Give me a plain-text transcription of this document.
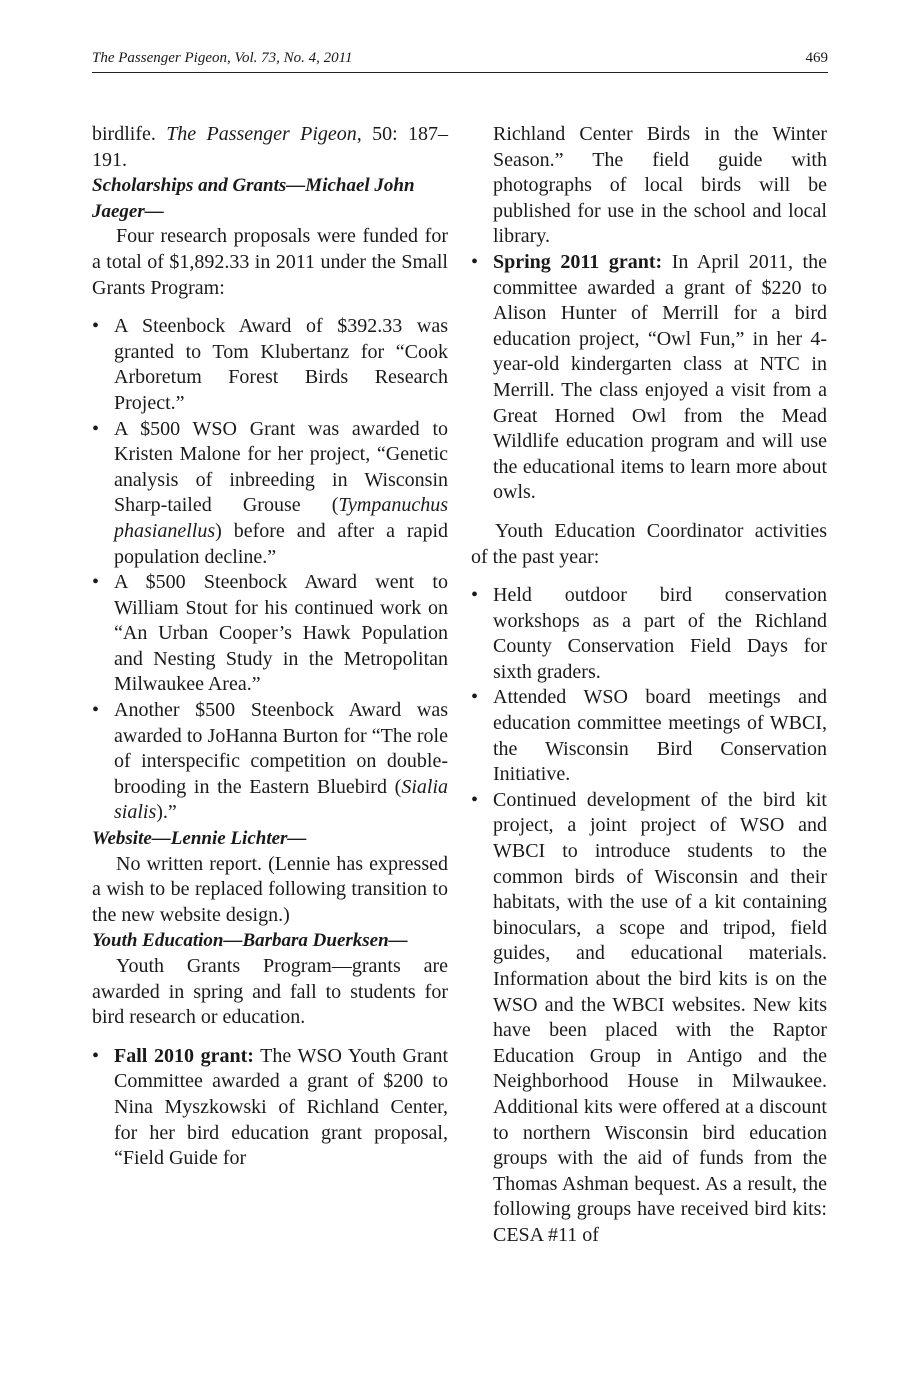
The Passenger Pigeon, Vol. 73, No. 4, 2011	469

birdlife. The Passenger Pigeon, 50: 187–191.

Scholarships and Grants—Michael John Jaeger—

Four research proposals were funded for a total of $1,892.33 in 2011 under the Small Grants Program:

• A Steenbock Award of $392.33 was granted to Tom Klubertanz for “Cook Arboretum Forest Birds Research Project.”
• A $500 WSO Grant was awarded to Kristen Malone for her project, “Genetic analysis of inbreeding in Wisconsin Sharp-tailed Grouse (Tympanuchus phasianellus) before and after a rapid population decline.”
• A $500 Steenbock Award went to William Stout for his continued work on “An Urban Cooper’s Hawk Population and Nesting Study in the Metropolitan Milwaukee Area.”
• Another $500 Steenbock Award was awarded to JoHanna Burton for “The role of interspecific competition on double-brooding in the Eastern Bluebird (Sialia sialis).”

Website—Lennie Lichter—

No written report. (Lennie has expressed a wish to be replaced following transition to the new website design.)

Youth Education—Barbara Duerksen—

Youth Grants Program—grants are awarded in spring and fall to students for bird research or education.

• Fall 2010 grant: The WSO Youth Grant Committee awarded a grant of $200 to Nina Myszkowski of Richland Center, for her bird education grant proposal, “Field Guide for

Richland Center Birds in the Winter Season.” The field guide with photographs of local birds will be published for use in the school and local library.

• Spring 2011 grant: In April 2011, the committee awarded a grant of $220 to Alison Hunter of Merrill for a bird education project, “Owl Fun,” in her 4-year-old kindergarten class at NTC in Merrill. The class enjoyed a visit from a Great Horned Owl from the Mead Wildlife education program and will use the educational items to learn more about owls.

Youth Education Coordinator activities of the past year:

• Held outdoor bird conservation workshops as a part of the Richland County Conservation Field Days for sixth graders.
• Attended WSO board meetings and education committee meetings of WBCI, the Wisconsin Bird Conservation Initiative.
• Continued development of the bird kit project, a joint project of WSO and WBCI to introduce students to the common birds of Wisconsin and their habitats, with the use of a kit containing binoculars, a scope and tripod, field guides, and educational materials. Information about the bird kits is on the WSO and the WBCI websites. New kits have been placed with the Raptor Education Group in Antigo and the Neighborhood House in Milwaukee. Additional kits were offered at a discount to northern Wisconsin bird education groups with the aid of funds from the Thomas Ashman bequest. As a result, the following groups have received bird kits: CESA #11 of
